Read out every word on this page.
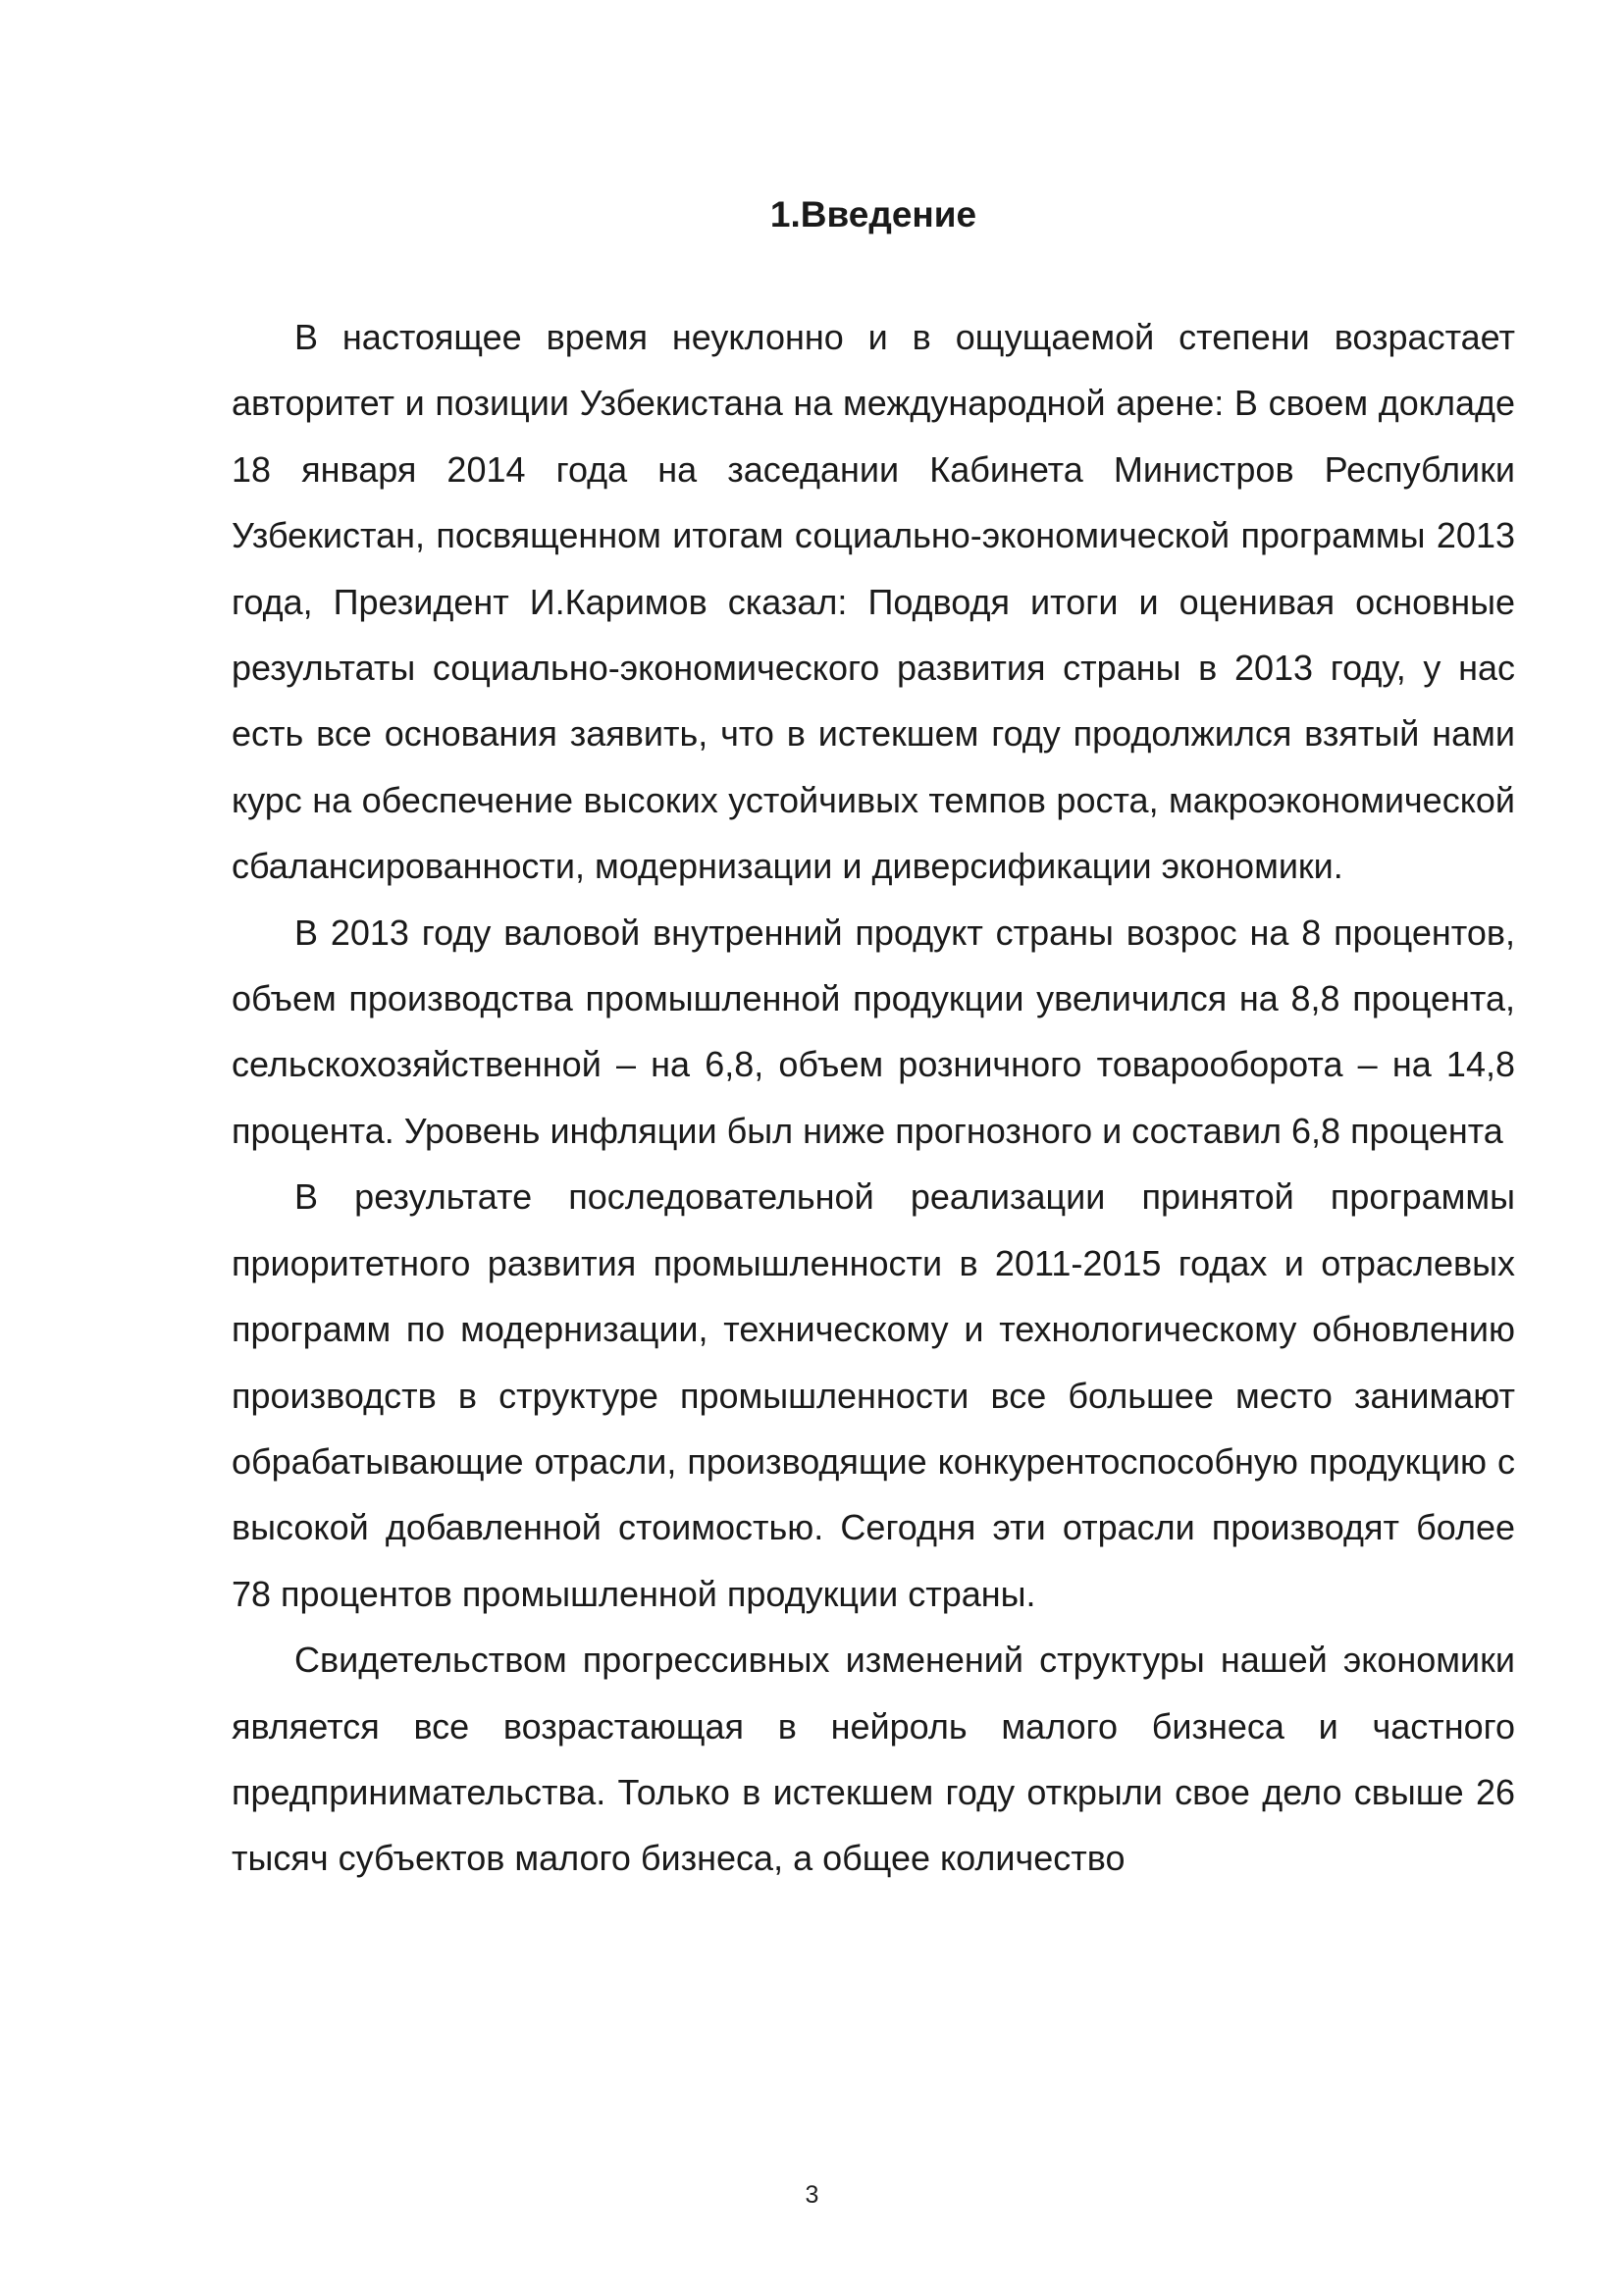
1.Введение

В настоящее время неуклонно и в ощущаемой степени возрастает авторитет и позиции Узбекистана на международной арене: В своем докладе 18 января 2014 года на заседании Кабинета Министров Республики Узбекистан, посвященном итогам социально-экономической программы 2013 года, Президент И.Каримов сказал: Подводя итоги и оценивая основные результаты социально-экономического развития страны в 2013 году, у нас есть все основания заявить, что в истекшем году продолжился взятый нами курс на обеспечение высоких устойчивых темпов роста, макроэкономической сбалансированности, модернизации и диверсификации экономики.

В 2013 году валовой внутренний продукт страны возрос на 8 процентов, объем производства промышленной продукции увеличился на 8,8 процента, сельскохозяйственной – на 6,8, объем розничного товарооборота – на 14,8 процента. Уровень инфляции был ниже прогнозного и составил 6,8 процента

В результате последовательной реализации принятой программы приоритетного развития промышленности в 2011-2015 годах и отраслевых программ по модернизации, техническому и технологическому обновлению производств в структуре промышленности все большее место занимают обрабатывающие отрасли, производящие конкурентоспособную продукцию с высокой добавленной стоимостью. Сегодня эти отрасли производят более 78 процентов промышленной продукции страны.

Свидетельством прогрессивных изменений структуры нашей экономики является все возрастающая в нейроль малого бизнеса и частного предпринимательства. Только в истекшем году открыли свое дело свыше 26 тысяч субъектов малого бизнеса, а общее количество

3
